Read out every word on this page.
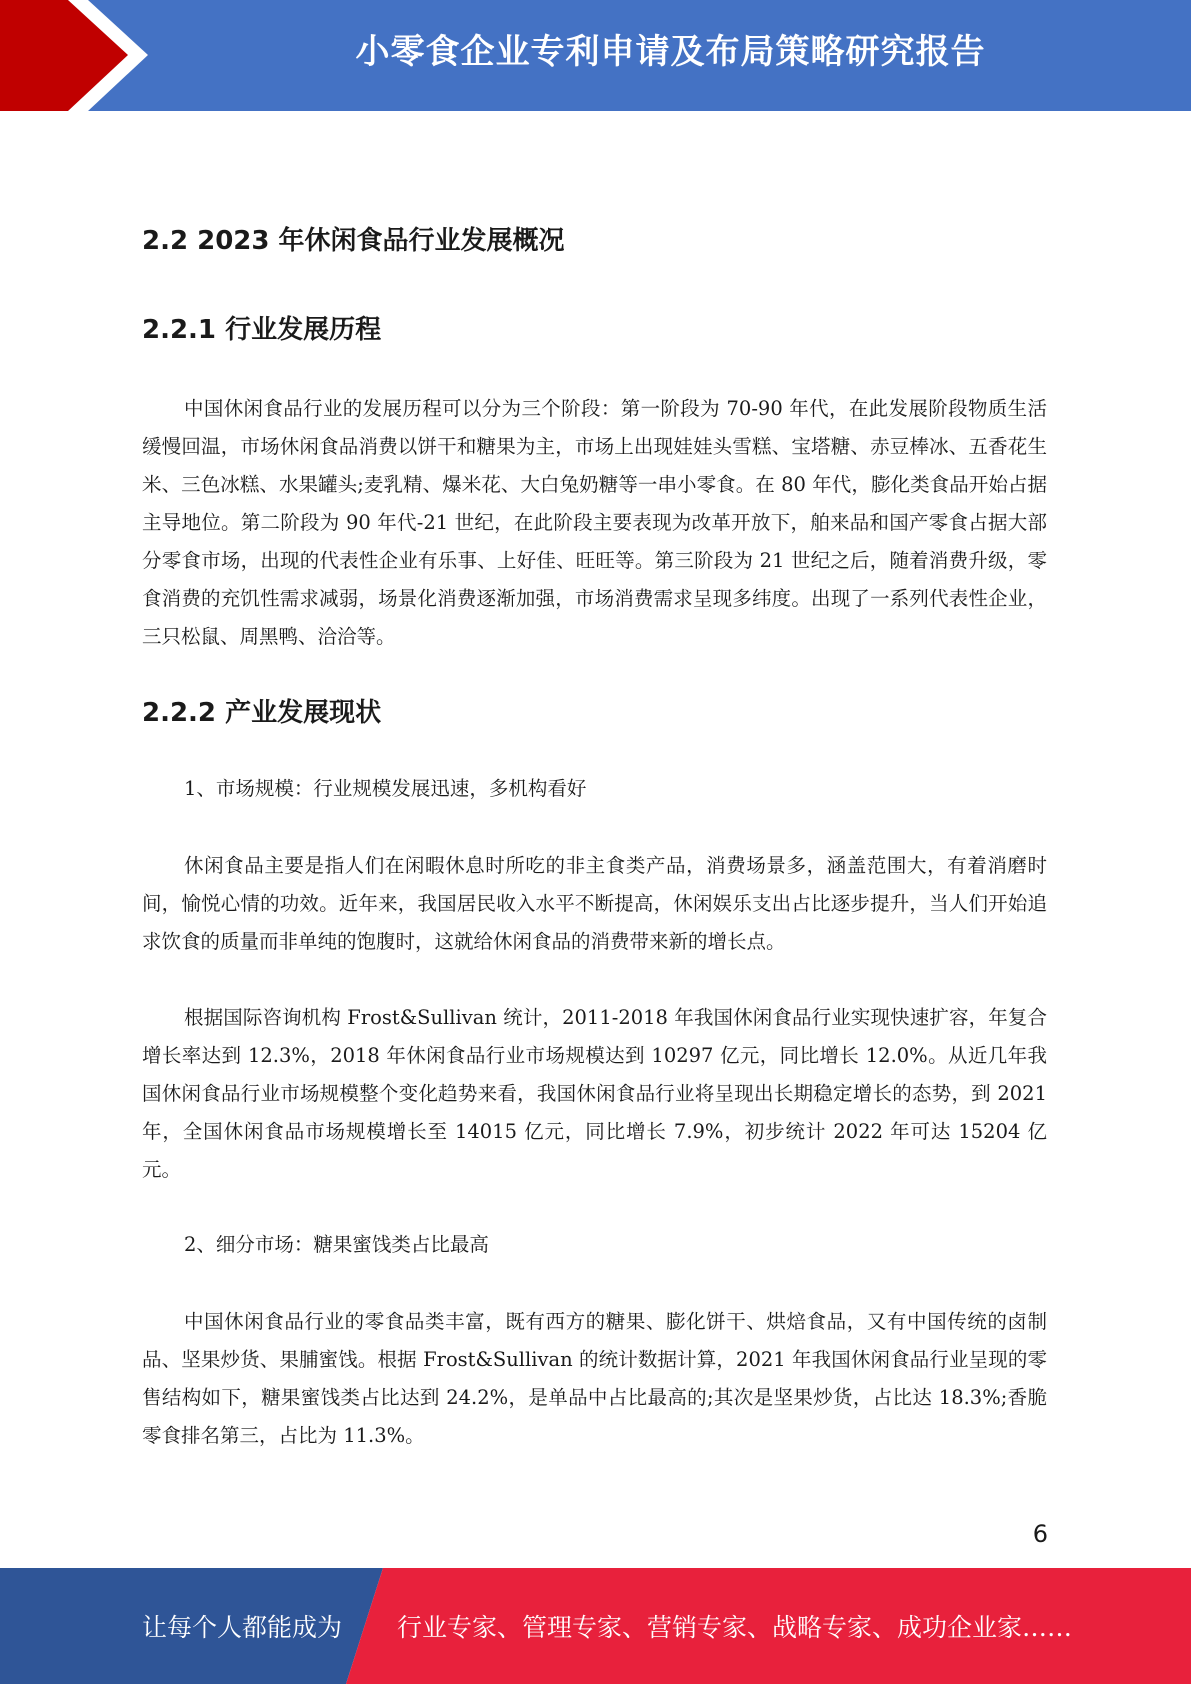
小零食企业专利申请及布局策略研究报告
2.2 2023 年休闲食品行业发展概况
2.2.1 行业发展历程

中国休闲食品行业的发展历程可以分为三个阶段：第一阶段为 70-90 年代，在此发展阶段物质生活缓慢回温，市场休闲食品消费以饼干和糖果为主，市场上出现娃娃头雪糕、宝塔糖、赤豆棒冰、五香花生米、三色冰糕、水果罐头;麦乳精、爆米花、大白兔奶糖等一串小零食。在 80 年代，膨化类食品开始占据主导地位。第二阶段为 90 年代-21 世纪，在此阶段主要表现为改革开放下，舶来品和国产零食占据大部分零食市场，出现的代表性企业有乐事、上好佳、旺旺等。第三阶段为 21 世纪之后，随着消费升级，零食消费的充饥性需求减弱，场景化消费逐渐加强，市场消费需求呈现多纬度。出现了一系列代表性企业，三只松鼠、周黑鸭、洽洽等。

2.2.2 产业发展现状

1、市场规模：行业规模发展迅速，多机构看好

休闲食品主要是指人们在闲暇休息时所吃的非主食类产品，消费场景多，涵盖范围大，有着消磨时间，愉悦心情的功效。近年来，我国居民收入水平不断提高，休闲娱乐支出占比逐步提升，当人们开始追求饮食的质量而非单纯的饱腹时，这就给休闲食品的消费带来新的增长点。

根据国际咨询机构 Frost&Sullivan 统计，2011-2018 年我国休闲食品行业实现快速扩容，年复合增长率达到 12.3%，2018 年休闲食品行业市场规模达到 10297 亿元，同比增长 12.0%。从近几年我国休闲食品行业市场规模整个变化趋势来看，我国休闲食品行业将呈现出长期稳定增长的态势，到 2021 年，全国休闲食品市场规模增长至 14015 亿元，同比增长 7.9%，初步统计 2022 年可达 15204 亿元。

2、细分市场：糖果蜜饯类占比最高

中国休闲食品行业的零食品类丰富，既有西方的糖果、膨化饼干、烘焙食品，又有中国传统的卤制品、坚果炒货、果脯蜜饯。根据 Frost&Sullivan 的统计数据计算，2021 年我国休闲食品行业呈现的零售结构如下，糖果蜜饯类占比达到 24.2%，是单品中占比最高的;其次是坚果炒货，占比达 18.3%;香脆零食排名第三，占比为 11.3%。

6
让每个人都能成为 行业专家、管理专家、营销专家、战略专家、成功企业家……
